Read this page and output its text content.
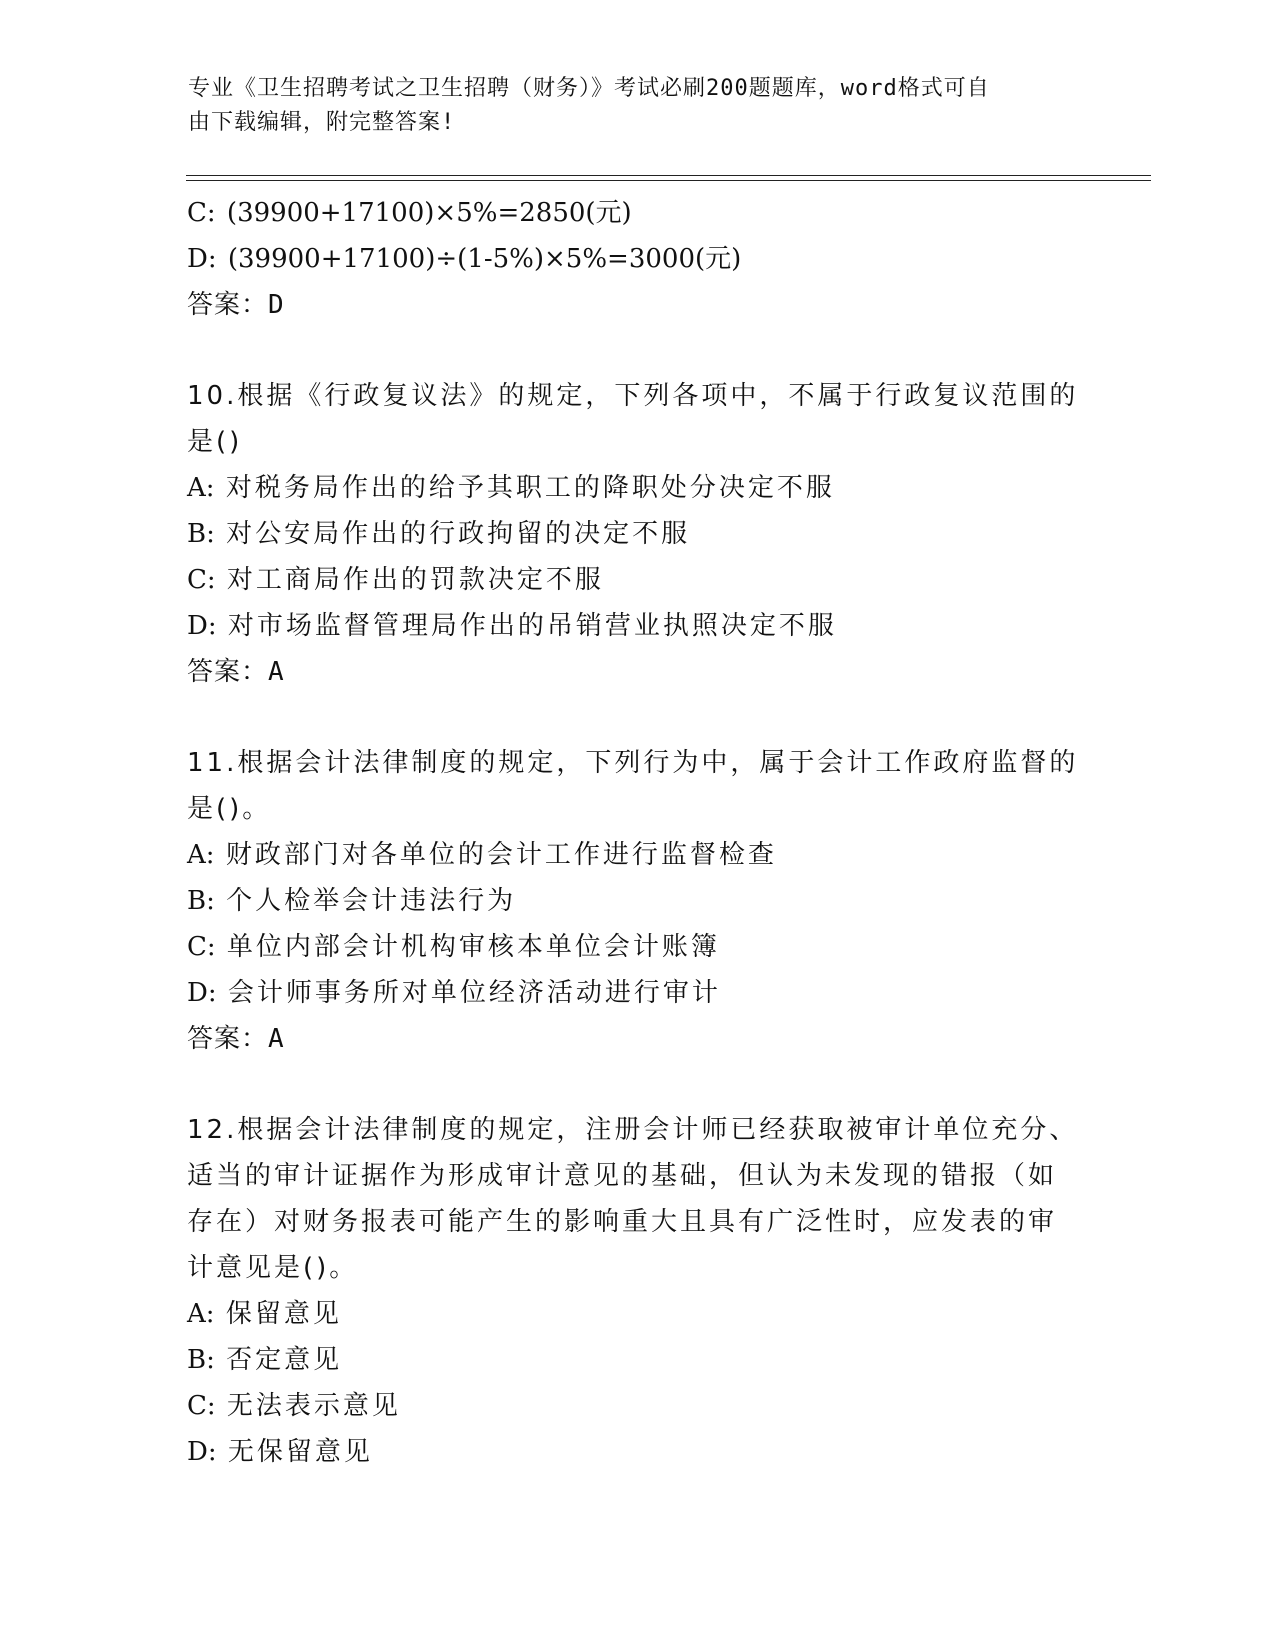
专业《卫生招聘考试之卫生招聘（财务）》考试必刷200题题库，word格式可自
由下载编辑，附完整答案!
C: (39900+17100)×5%=2850(元)
D: (39900+17100)÷(1-5%)×5%=3000(元)
答案：D
10.根据《行政复议法》的规定，下列各项中，不属于行政复议范围的
是()
A: 对税务局作出的给予其职工的降职处分决定不服
B: 对公安局作出的行政拘留的决定不服
C: 对工商局作出的罚款决定不服
D: 对市场监督管理局作出的吊销营业执照决定不服
答案：A
11.根据会计法律制度的规定，下列行为中，属于会计工作政府监督的
是()。
A: 财政部门对各单位的会计工作进行监督检查
B: 个人检举会计违法行为
C: 单位内部会计机构审核本单位会计账簿
D: 会计师事务所对单位经济活动进行审计
答案：A
12.根据会计法律制度的规定，注册会计师已经获取被审计单位充分、
适当的审计证据作为形成审计意见的基础，但认为未发现的错报（如
存在）对财务报表可能产生的影响重大且具有广泛性时，应发表的审
计意见是()。
A: 保留意见
B: 否定意见
C: 无法表示意见
D: 无保留意见
